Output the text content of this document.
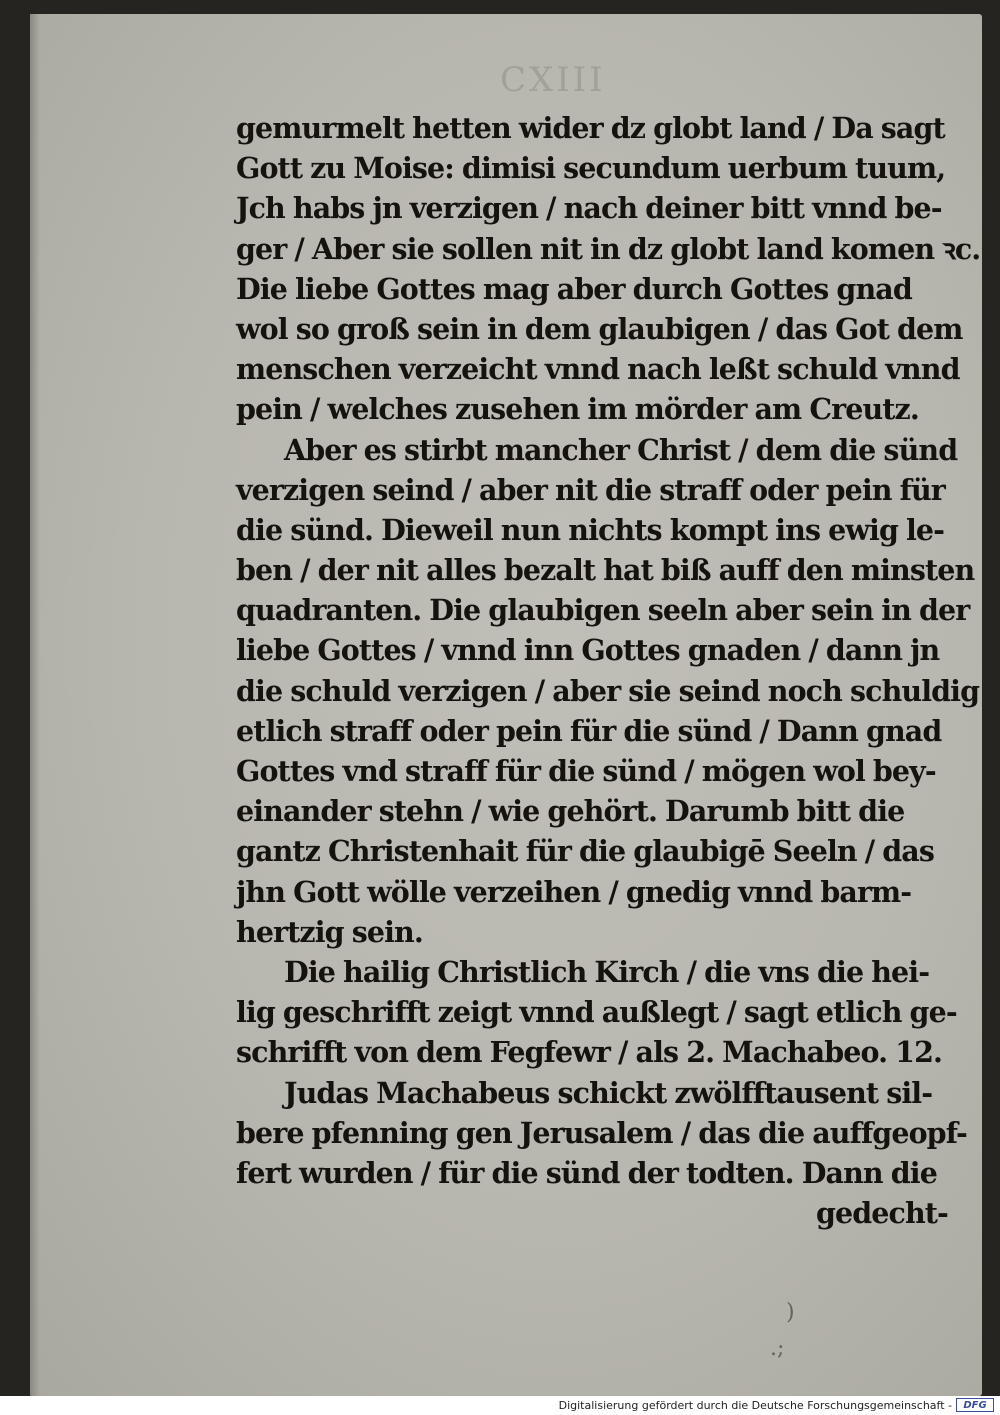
CXIII
gemurmelt hetten wider dz globt land / Da sagt
Gott zu Moise: dimisi secundum uerbum tuum,
Jch habs jn verzigen / nach deiner bitt vnnd be-
ger / Aber sie sollen nit in dz globt land komen ꝛc.
Die liebe Gottes mag aber durch Gottes gnad
wol so groß sein in dem glaubigen / das Got dem
menschen verzeicht vnnd nach leßt schuld vnnd
pein / welches zusehen im mörder am Creutz.
Aber es stirbt mancher Christ / dem die sünd
verzigen seind / aber nit die straff oder pein für
die sünd. Dieweil nun nichts kompt ins ewig le-
ben / der nit alles bezalt hat biß auff den minsten
quadranten. Die glaubigen seeln aber sein in der
liebe Gottes / vnnd inn Gottes gnaden / dann jn
die schuld verzigen / aber sie seind noch schuldig
etlich straff oder pein für die sünd / Dann gnad
Gottes vnd straff für die sünd / mögen wol bey-
einander stehn / wie gehört. Darumb bitt die
gantz Christenhait für die glaubigē Seeln / das
jhn Gott wölle verzeihen / gnedig vnnd barm-
hertzig sein.
Die hailig Christlich Kirch / die vns die hei-
lig geschrifft zeigt vnnd außlegt / sagt etlich ge-
schrifft von dem Fegfewr / als 2. Machabeo. 12.
Judas Machabeus schickt zwölfftausent sil-
bere pfenning gen Jerusalem / das die auffgeopf-
fert wurden / für die sünd der todten. Dann die
gedecht-
)
.;
Digitalisierung gefördert durch die Deutsche Forschungsgemeinschaft -	DFG
